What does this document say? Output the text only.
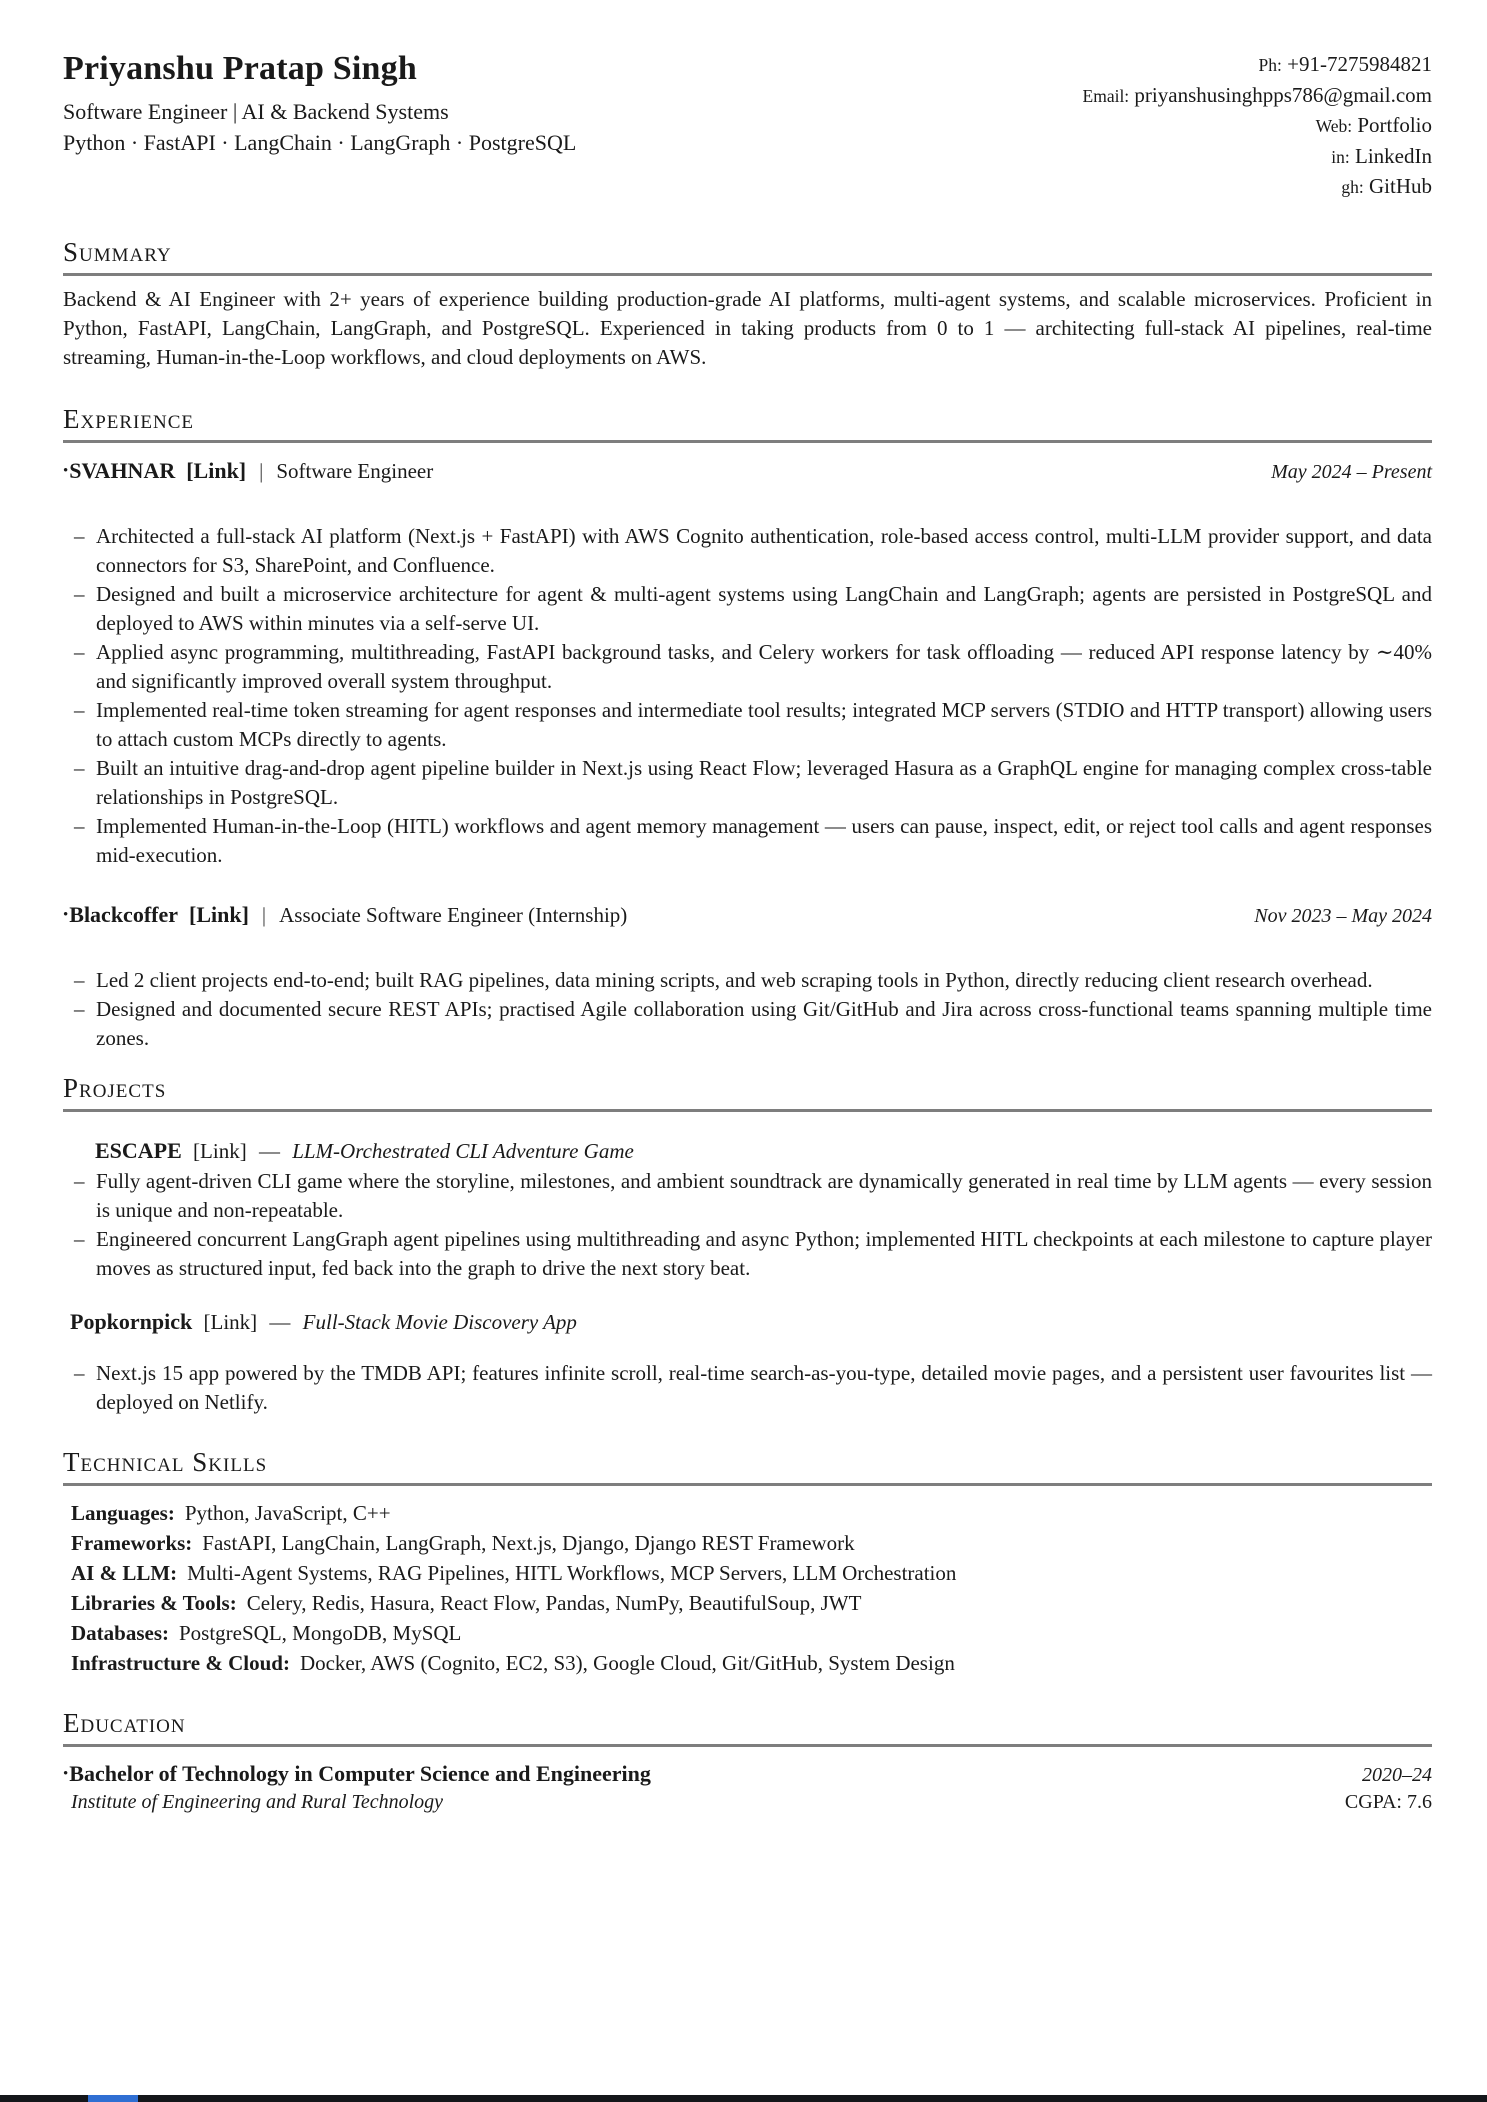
Priyanshu Pratap Singh
Software Engineer | AI & Backend Systems
Python · FastAPI · LangChain · LangGraph · PostgreSQL
Ph: +91-7275984821
Email: priyanshusinghpps786@gmail.com
Web: Portfolio
in: LinkedIn
gh: GitHub
Summary

Backend & AI Engineer with 2+ years of experience building production-grade AI platforms, multi-agent systems, and scalable microservices. Proficient in Python, FastAPI, LangChain, LangGraph, and PostgreSQL. Experienced in taking products from 0 to 1 — architecting full-stack AI pipelines, real-time streaming, Human-in-the-Loop workflows, and cloud deployments on AWS.

Experience
•SVAHNAR [Link] | Software Engineer	May 2024 – Present
– Architected a full-stack AI platform (Next.js + FastAPI) with AWS Cognito authentication, role-based access control, multi-LLM provider support, and data connectors for S3, SharePoint, and Confluence.
– Designed and built a microservice architecture for agent & multi-agent systems using LangChain and LangGraph; agents are persisted in PostgreSQL and deployed to AWS within minutes via a self-serve UI.
– Applied async programming, multithreading, FastAPI background tasks, and Celery workers for task offloading — reduced API response latency by ∼40% and significantly improved overall system throughput.
– Implemented real-time token streaming for agent responses and intermediate tool results; integrated MCP servers (STDIO and HTTP transport) allowing users to attach custom MCPs directly to agents.
– Built an intuitive drag-and-drop agent pipeline builder in Next.js using React Flow; leveraged Hasura as a GraphQL engine for managing complex cross-table relationships in PostgreSQL.
– Implemented Human-in-the-Loop (HITL) workflows and agent memory management — users can pause, inspect, edit, or reject tool calls and agent responses mid-execution.
•Blackcoffer [Link] | Associate Software Engineer (Internship)	Nov 2023 – May 2024
– Led 2 client projects end-to-end; built RAG pipelines, data mining scripts, and web scraping tools in Python, directly reducing client research overhead.
– Designed and documented secure REST APIs; practised Agile collaboration using Git/GitHub and Jira across cross-functional teams spanning multiple time zones.
Projects
ESCAPE [Link] — LLM-Orchestrated CLI Adventure Game
– Fully agent-driven CLI game where the storyline, milestones, and ambient soundtrack are dynamically generated in real time by LLM agents — every session is unique and non-repeatable.
– Engineered concurrent LangGraph agent pipelines using multithreading and async Python; implemented HITL checkpoints at each milestone to capture player moves as structured input, fed back into the graph to drive the next story beat.
Popkornpick [Link] — Full-Stack Movie Discovery App
– Next.js 15 app powered by the TMDB API; features infinite scroll, real-time search-as-you-type, detailed movie pages, and a persistent user favourites list — deployed on Netlify.
Technical Skills
Languages: Python, JavaScript, C++
Frameworks: FastAPI, LangChain, LangGraph, Next.js, Django, Django REST Framework
AI & LLM: Multi-Agent Systems, RAG Pipelines, HITL Workflows, MCP Servers, LLM Orchestration
Libraries & Tools: Celery, Redis, Hasura, React Flow, Pandas, NumPy, BeautifulSoup, JWT
Databases: PostgreSQL, MongoDB, MySQL
Infrastructure & Cloud: Docker, AWS (Cognito, EC2, S3), Google Cloud, Git/GitHub, System Design
Education
•Bachelor of Technology in Computer Science and Engineering	2020–24
Institute of Engineering and Rural Technology	CGPA: 7.6
